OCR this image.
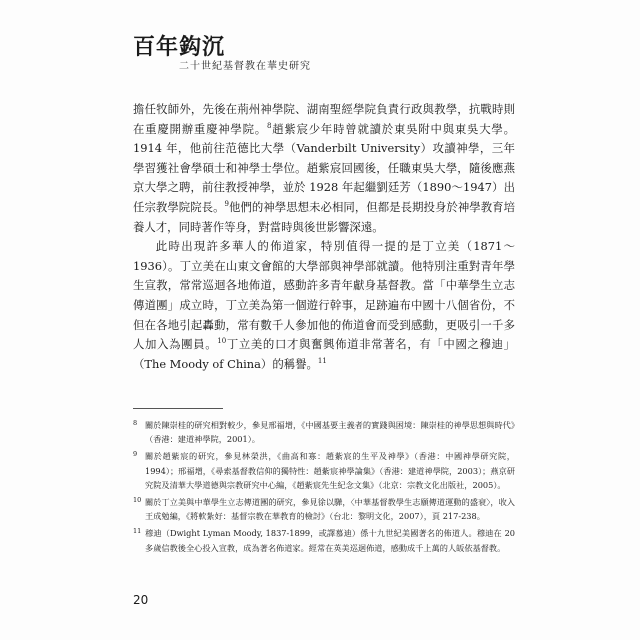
百年鈎沉
二十世紀基督教在華史研究

擔任牧師外，先後在荊州神學院、湖南聖經學院負責行政與教學，抗戰時則在重慶開辦重慶神學院。$^8$趙紫宸少年時曾就讀於東吳附中與東吳大學。1914 年，他前往范德比大學（Vanderbilt University）攻讀神學，三年學習獲社會學碩士和神學士學位。趙紫宸回國後，任職東吳大學，隨後應燕京大學之聘，前往教授神學，並於 1928 年起繼劉廷芳（1890～1947）出任宗教學院院長。$^9$他們的神學思想未必相同，但都是長期投身於神學教育培養人才，同時著作等身，對當時與後世影響深遠。

此時出現許多華人的佈道家，特別值得一提的是丁立美（1871～1936）。丁立美在山東文會館的大學部與神學部就讀。他特別注重對青年學生宣教，常常巡迴各地佈道，感動許多青年獻身基督教。當「中華學生立志傳道團」成立時，丁立美為第一個遊行幹事，足跡遍布中國十八個省份，不但在各地引起轟動，常有數千人參加他的佈道會而受到感動，更吸引一千多人加入為團員。$^{10}$丁立美的口才與奮興佈道非常著名，有「中國之穆迪」（The Moody of China）的稱譽。$^{11}$

8 關於陳崇桂的研究相對較少，參見邢福增，《中國基要主義者的實踐與困境：陳崇桂的神學思想與時代》（香港：建道神學院，2001）。
9 關於趙紫宸的研究，參見林榮洪，《曲高和寡：趙紫宸的生平及神學》（香港：中國神學研究院，1994）；邢福增，《尋索基督教信仰的獨特性：趙紫宸神學論集》（香港：建道神學院，2003）；燕京研究院及清華大學道德與宗教研究中心編，《趙紫宸先生紀念文集》（北京：宗教文化出版社，2005）。
10 關於丁立美與中華學生立志傳道團的研究，參見徐以驊，〈中華基督教學生志願傳道運動的盛衰〉，收入王成勉編，《將軟紮好：基督宗教在華教育的檢討》（台北：黎明文化，2007），頁 217-238。
11 穆迪（Dwight Lyman Moody, 1837-1899，或譯慕迪）係十九世紀美國著名的佈道人。穆迪在 20 多歲信教後全心投入宣教，成為著名佈道家。經常在英美巡迴佈道，感動成千上萬的人皈依基督教。
20
